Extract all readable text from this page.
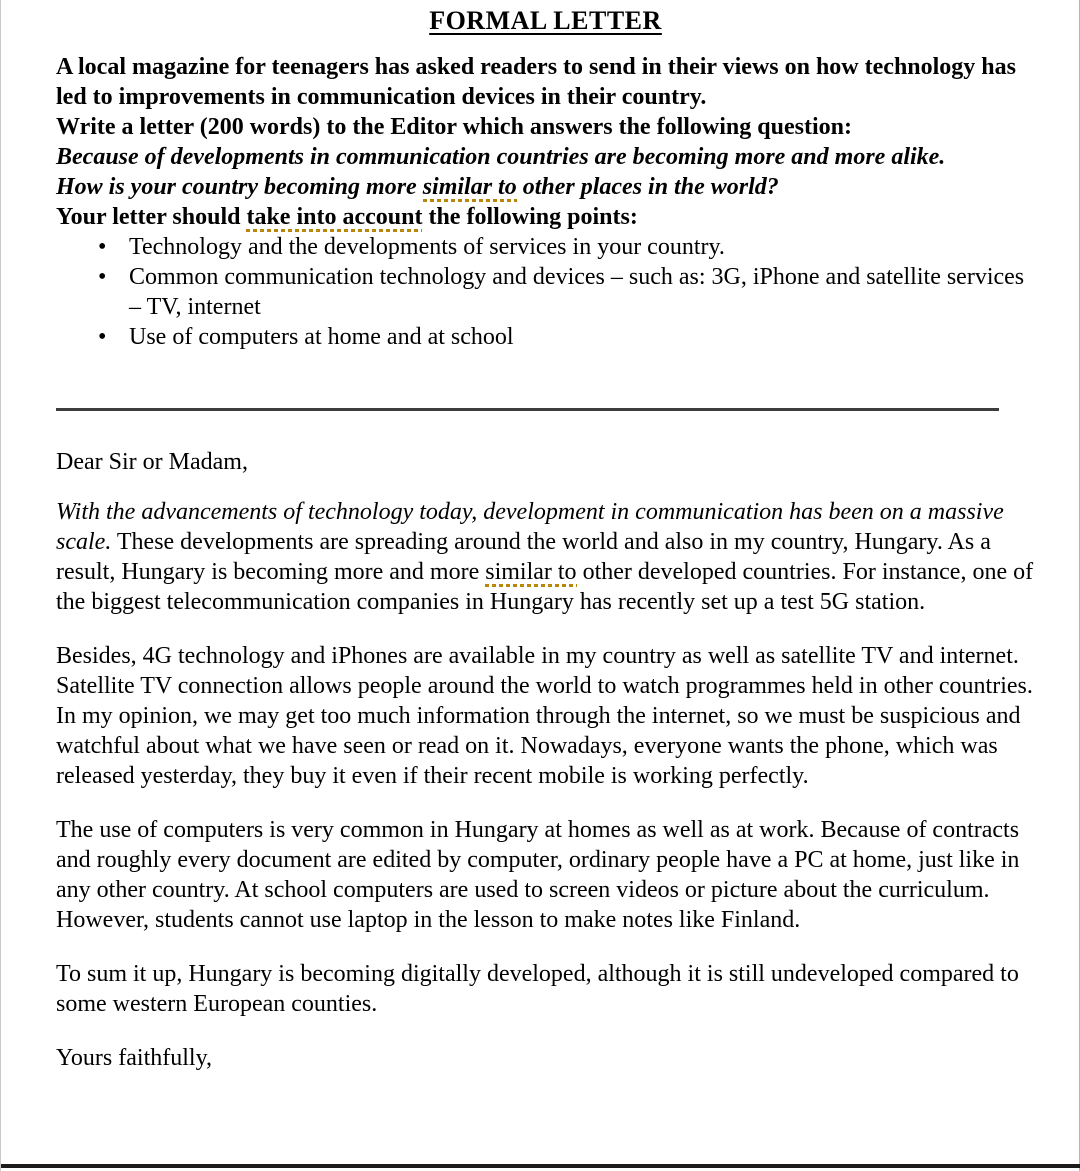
FORMAL LETTER

A local magazine for teenagers has asked readers to send in their views on how technology has led to improvements in communication devices in their country.

Write a letter (200 words) to the Editor which answers the following question:

Because of developments in communication countries are becoming more and more alike.
How is your country becoming more similar to other places in the world?

Your letter should take into account the following points:

• Technology and the developments of services in your country.
• Common communication technology and devices – such as: 3G, iPhone and satellite services – TV, internet
• Use of computers at home and at school

Dear Sir or Madam,

With the advancements of technology today, development in communication has been on a massive scale. These developments are spreading around the world and also in my country, Hungary. As a result, Hungary is becoming more and more similar to other developed countries. For instance, one of the biggest telecommunication companies in Hungary has recently set up a test 5G station.

Besides, 4G technology and iPhones are available in my country as well as satellite TV and internet. Satellite TV connection allows people around the world to watch programmes held in other countries. In my opinion, we may get too much information through the internet, so we must be suspicious and watchful about what we have seen or read on it. Nowadays, everyone wants the phone, which was released yesterday, they buy it even if their recent mobile is working perfectly.

The use of computers is very common in Hungary at homes as well as at work. Because of contracts and roughly every document are edited by computer, ordinary people have a PC at home, just like in any other country. At school computers are used to screen videos or picture about the curriculum. However, students cannot use laptop in the lesson to make notes like Finland.

To sum it up, Hungary is becoming digitally developed, although it is still undeveloped compared to some western European counties.

Yours faithfully,
